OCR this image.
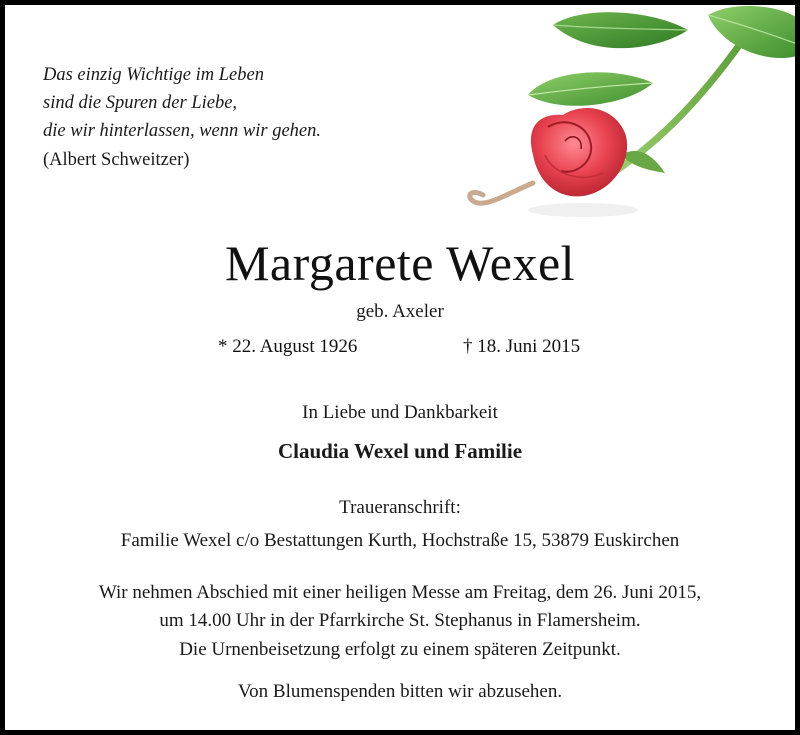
Das einzig Wichtige im Leben
sind die Spuren der Liebe,
die wir hinterlassen, wenn wir gehen.
(Albert Schweitzer)
Margarete Wexel
geb. Axeler
* 22. August 1926	† 18. Juni 2015
In Liebe und Dankbarkeit
Claudia Wexel und Familie
Traueranschrift:
Familie Wexel c/o Bestattungen Kurth, Hochstraße 15, 53879 Euskirchen
Wir nehmen Abschied mit einer heiligen Messe am Freitag, dem 26. Juni 2015,
um 14.00 Uhr in der Pfarrkirche St. Stephanus in Flamersheim.
Die Urnenbeisetzung erfolgt zu einem späteren Zeitpunkt.
Von Blumenspenden bitten wir abzusehen.
